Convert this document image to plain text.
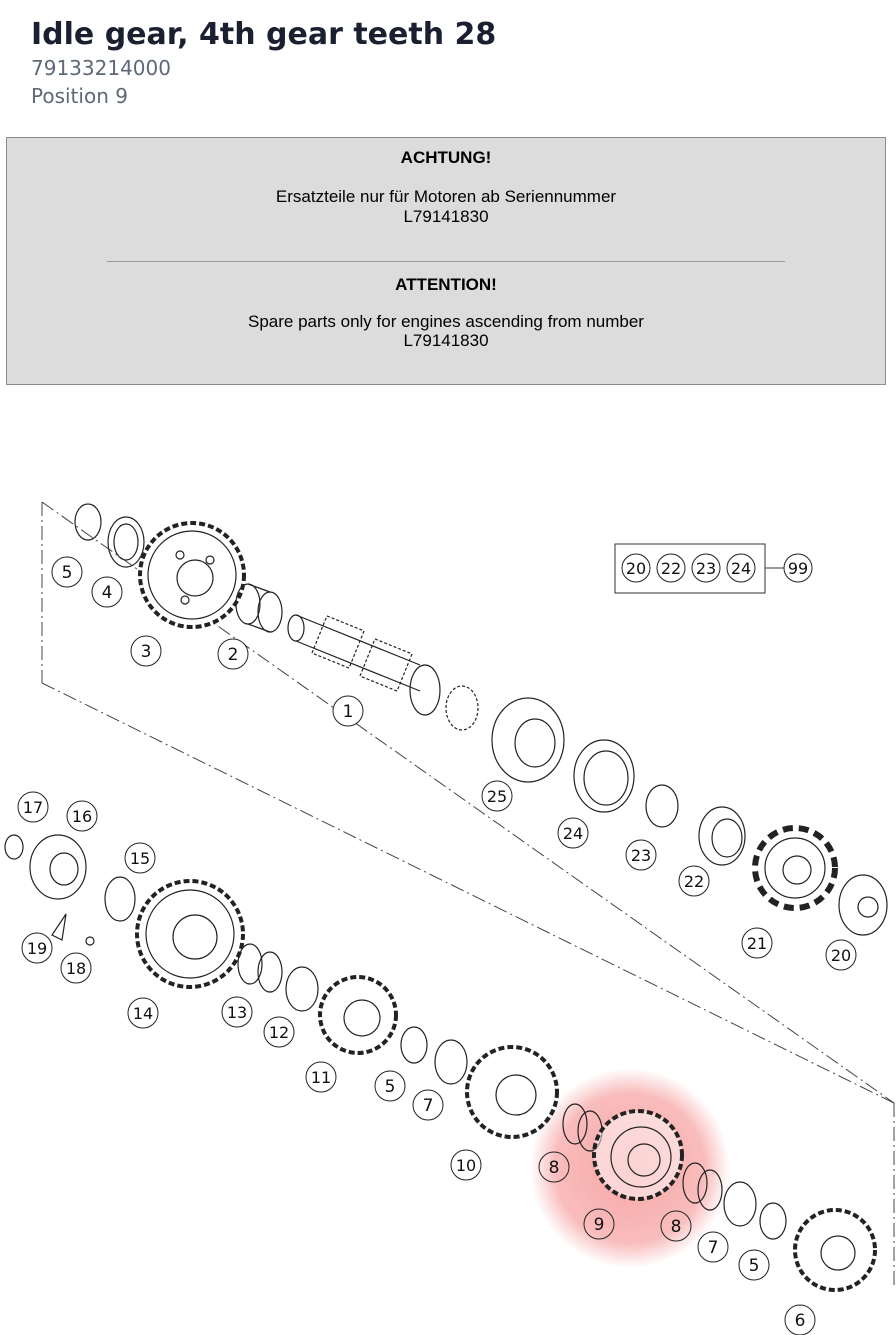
Idle gear, 4th gear teeth 28
79133214000
Position 9
ACHTUNG!
Ersatzteile nur für Motoren ab Seriennummer
L79141830
ATTENTION!
Spare parts only for engines ascending from number
L79141830
20 22 23 24 99
5
4
3	2
1
25
24
23
22
21
20
17 16
15
19
18
14	13
12
11	5
7
10	8
9	8
7
5
6
